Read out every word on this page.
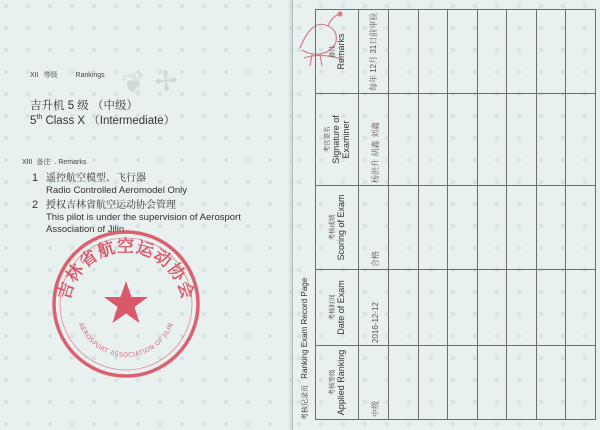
❦ ✢
XII 等级	Rankings
吉升机 5 级 （中级）
5th Class X （Intermediate）
XIII 备注 . Remarks
1 遥控航空模型、飞行器
Radio Controlled Aeromodel Only
2 授权吉林省航空运动协会管理
This pilot is under the supervision of Aerosport Association of Jilin
吉林省航空运动协会
AEROSPORT ASSOCIATION OF JILIN
考核记录页 Ranking Exam Record Page
考核等级 Applied Ranking	考核时间 Date of Exam	考核成绩 Scoring of Exam	考官签名 Signature of Examiner	备注 Remarks

中级	2016-12-12	合格	杨洪升 胡鑫 刘鑫	每年 12月 31日前审验
